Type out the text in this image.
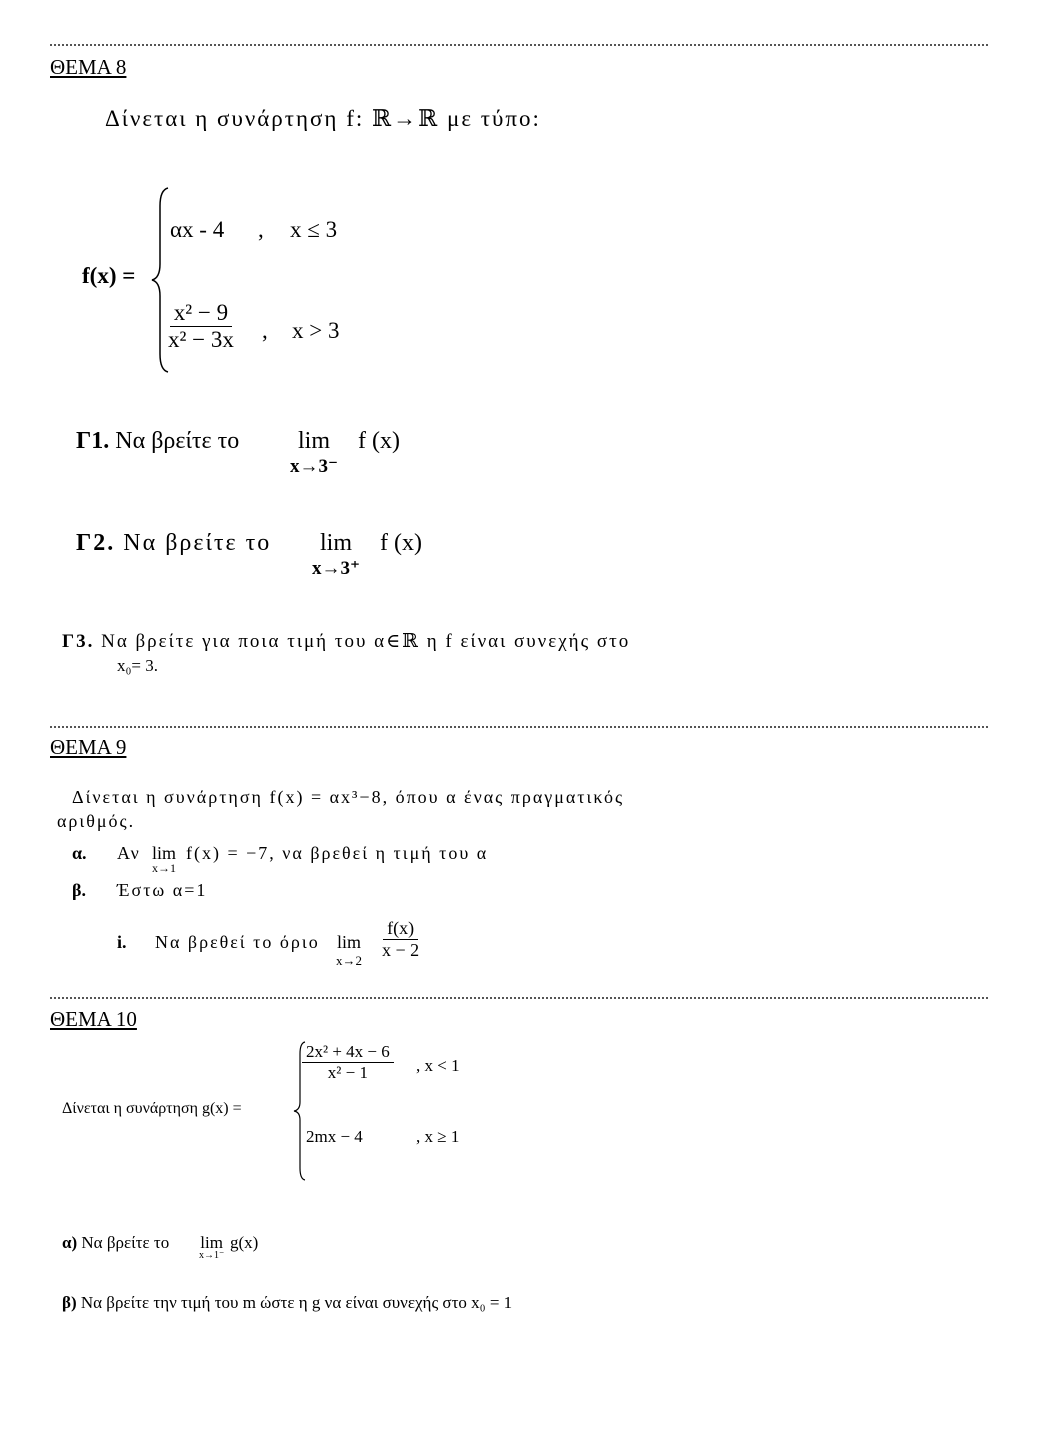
ΘΕΜΑ 8
Δίνεται η συνάρτηση f: ℝ→ℝ με τύπο:
f(x) =
αx - 4 , x ≤ 3
$\frac{\text{x² − 9}}{\text{x² − 3x}}$ , x > 3
Γ1. Να βρείτε το lim
x→3⁻
f (x)
Γ2. Να βρείτε το lim
x→3⁺
f (x)
Γ3. Να βρείτε για ποια τιμή του α∈ℝ η f είναι συνεχής στο
x₀= 3.
ΘΕΜΑ 9
Δίνεται η συνάρτηση f(x) = αx³−8, όπου α ένας πραγματικός
αριθμός.
α. Αν lim
x→1
f(x) = −7, να βρεθεί η τιμή του α
β. Έστω α=1
i. Να βρεθεί το όριο lim
$x\to 2 \frac{f(x)}{x - 2}$
ΘΕΜΑ 10
Δίνεται η συνάρτηση g(x) =
$\frac{\text{2x² + 4x − 6}}{\text{x² − 1}}$ , x < 1
2mx − 4	, x ≥ 1
α) Να βρείτε το lim
x→1⁻
g(x)
β) Να βρείτε την τιμή του m ώστε η g να είναι συνεχής στο x₀ = 1
